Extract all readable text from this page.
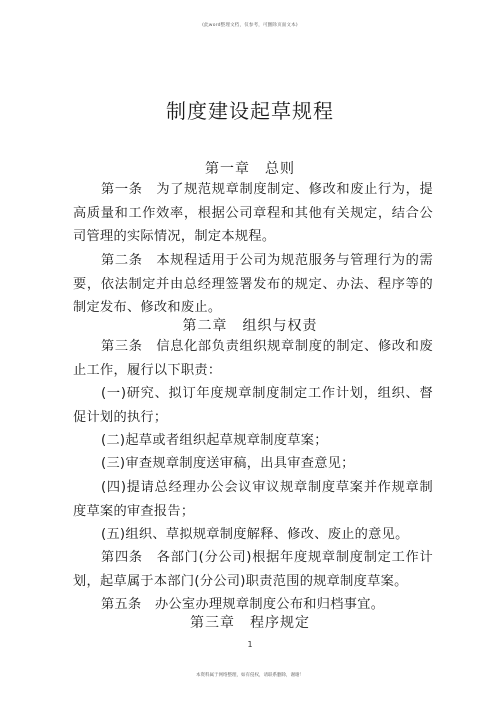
(此word整理文档，仅参考，可删除页面文本)
制度建设起草规程
第一章　总则
第一条　为了规范规章制度制定、修改和废止行为，提高质量和工作效率，根据公司章程和其他有关规定，结合公司管理的实际情况，制定本规程。
第二条　本规程适用于公司为规范服务与管理行为的需要，依法制定并由总经理签署发布的规定、办法、程序等的制定发布、修改和废止。
第二章　组织与权责
第三条　信息化部负责组织规章制度的制定、修改和废止工作，履行以下职责：
(一)研究、拟订年度规章制度制定工作计划，组织、督促计划的执行；
(二)起草或者组织起草规章制度草案；
(三)审查规章制度送审稿，出具审查意见；
(四)提请总经理办公会议审议规章制度草案并作规章制度草案的审查报告；
(五)组织、草拟规章制度解释、修改、废止的意见。
第四条　各部门(分公司)根据年度规章制度制定工作计划，起草属于本部门(分公司)职责范围的规章制度草案。
第五条　办公室办理规章制度公布和归档事宜。
第三章　程序规定
1
本资料属于网络整理，如有侵权，请联系删除，谢谢！
